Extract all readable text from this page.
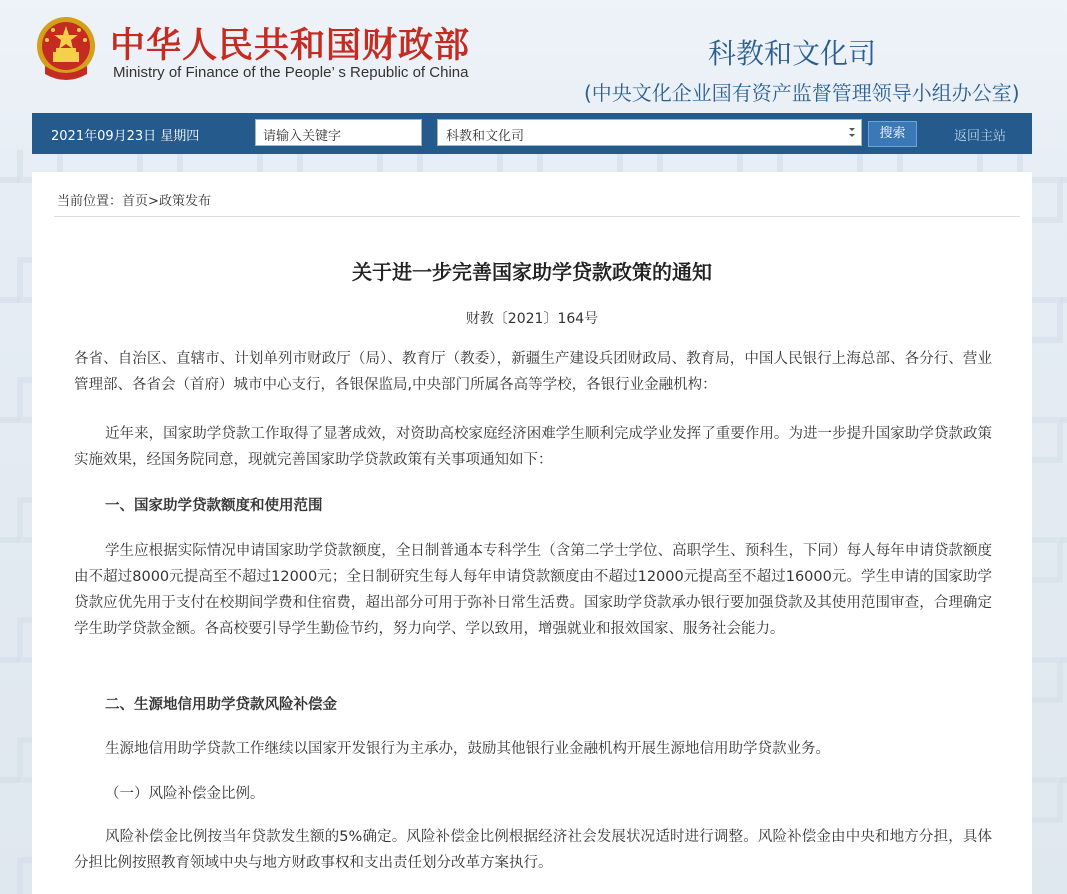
中华人民共和国财政部
Ministry of Finance of the People’ s Republic of China
科教和文化司
(中央文化企业国有资产监督管理领导小组办公室)
2021年09月23日 星期四	请输入关键字	科教和文化司	搜索	返回主站
当前位置：首页>政策发布
关于进一步完善国家助学贷款政策的通知
财教〔2021〕164号
各省、自治区、直辖市、计划单列市财政厅（局）、教育厅（教委），新疆生产建设兵团财政局、教育局，中国人民银行上海总部、各分行、营业管理部、各省会（首府）城市中心支行，各银保监局,中央部门所属各高等学校，各银行业金融机构：
近年来，国家助学贷款工作取得了显著成效，对资助高校家庭经济困难学生顺利完成学业发挥了重要作用。为进一步提升国家助学贷款政策实施效果，经国务院同意，现就完善国家助学贷款政策有关事项通知如下：
一、国家助学贷款额度和使用范围
学生应根据实际情况申请国家助学贷款额度，全日制普通本专科学生（含第二学士学位、高职学生、预科生，下同）每人每年申请贷款额度由不超过8000元提高至不超过12000元；全日制研究生每人每年申请贷款额度由不超过12000元提高至不超过16000元。学生申请的国家助学贷款应优先用于支付在校期间学费和住宿费，超出部分可用于弥补日常生活费。国家助学贷款承办银行要加强贷款及其使用范围审查，合理确定学生助学贷款金额。各高校要引导学生勤俭节约，努力向学、学以致用，增强就业和报效国家、服务社会能力。
二、生源地信用助学贷款风险补偿金
生源地信用助学贷款工作继续以国家开发银行为主承办，鼓励其他银行业金融机构开展生源地信用助学贷款业务。
（一）风险补偿金比例。
风险补偿金比例按当年贷款发生额的5%确定。风险补偿金比例根据经济社会发展状况适时进行调整。风险补偿金由中央和地方分担，具体分担比例按照教育领域中央与地方财政事权和支出责任划分改革方案执行。
